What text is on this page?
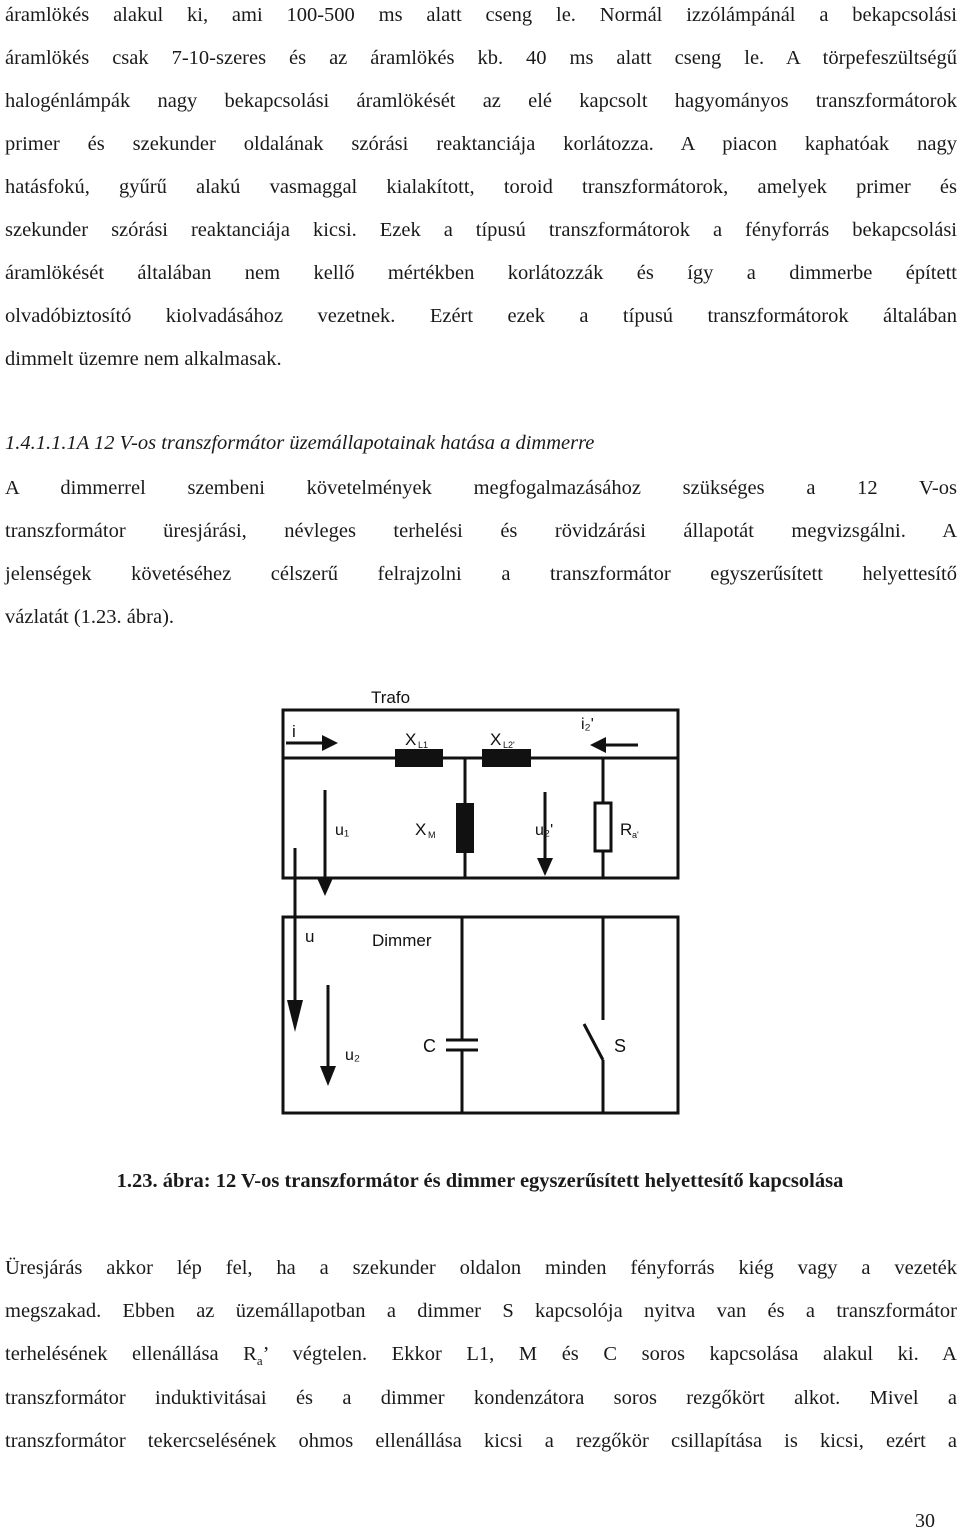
áramlökés alakul ki, ami 100-500 ms alatt cseng le. Normál izzólámpánál a bekapcsolási
áramlökés csak 7-10-szeres és az áramlökés kb. 40 ms alatt cseng le. A törpefeszültségű
halogénlámpák nagy bekapcsolási áramlökését az elé kapcsolt hagyományos transzformátorok
primer és szekunder oldalának szórási reaktanciája korlátozza. A piacon kaphatóak nagy
hatásfokú, gyűrű alakú vasmaggal kialakított, toroid transzformátorok, amelyek primer és
szekunder szórási reaktanciája kicsi. Ezek a típusú transzformátorok a fényforrás bekapcsolási
áramlökését általában nem kellő mértékben korlátozzák és így a dimmerbe épített
olvadóbiztosító kiolvadásához vezetnek. Ezért ezek a típusú transzformátorok általában
dimmelt üzemre nem alkalmasak.
1.4.1.1.1A 12 V-os transzformátor üzemállapotainak hatása a dimmerre
A dimmerrel szembeni követelmények megfogalmazásához szükséges a 12 V-os
transzformátor üresjárási, névleges terhelési és rövidzárási állapotát megvizsgálni. A
jelenségek követéséhez célszerű felrajzolni a transzformátor egyszerűsített helyettesítő
vázlatát (1.23. ábra).
Trafo
i	i₂'
X L1	X L2'
X M
u₁	u₂'	R a'
u	Dimmer
C	S
u₂
1.23. ábra: 12 V-os transzformátor és dimmer egyszerűsített helyettesítő kapcsolása
Üresjárás akkor lép fel, ha a szekunder oldalon minden fényforrás kiég vagy a vezeték
megszakad. Ebben az üzemállapotban a dimmer S kapcsolója nyitva van és a transzformátor
terhelésének ellenállása $R_a$’ végtelen. Ekkor L1, M és C soros kapcsolása alakul ki. A
transzformátor induktivitásai és a dimmer kondenzátora soros rezgőkört alkot. Mivel a
transzformátor tekercselésének ohmos ellenállása kicsi a rezgőkör csillapítása is kicsi, ezért a
30
